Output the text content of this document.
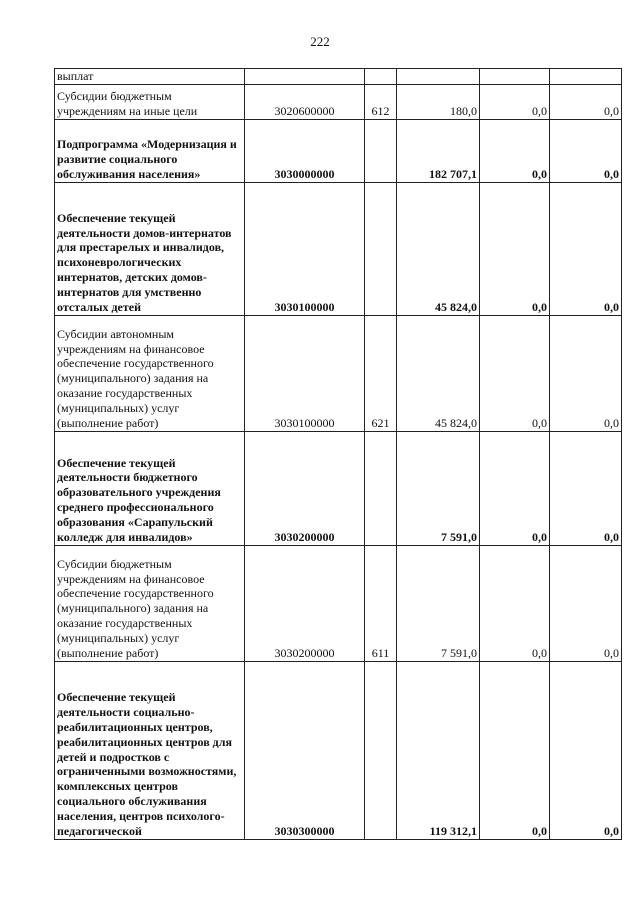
222
выплат					
Субсидии бюджетным учреждениям на иные цели	3020600000	612	180,0	0,0	0,0
Подпрограмма «Модернизация и развитие социального обслуживания населения»	3030000000		182 707,1	0,0	0,0
Обеспечение текущей деятельности домов-интернатов для престарелых и инвалидов, психоневрологических интернатов, детских домов-интернатов для умственно отсталых детей	3030100000		45 824,0	0,0	0,0
Субсидии автономным учреждениям на финансовое обеспечение государственного (муниципального) задания на оказание государственных (муниципальных) услуг (выполнение работ)	3030100000	621	45 824,0	0,0	0,0
Обеспечение текущей деятельности бюджетного образовательного учреждения среднего профессионального образования «Сарапульский колледж для инвалидов»	3030200000		7 591,0	0,0	0,0
Субсидии бюджетным учреждениям на финансовое обеспечение государственного (муниципального) задания на оказание государственных (муниципальных) услуг (выполнение работ)	3030200000	611	7 591,0	0,0	0,0
Обеспечение текущей деятельности социально-реабилитационных центров, реабилитационных центров для детей и подростков с ограниченными возможностями, комплексных центров социального обслуживания населения, центров психолого-педагогической	3030300000		119 312,1	0,0	0,0
